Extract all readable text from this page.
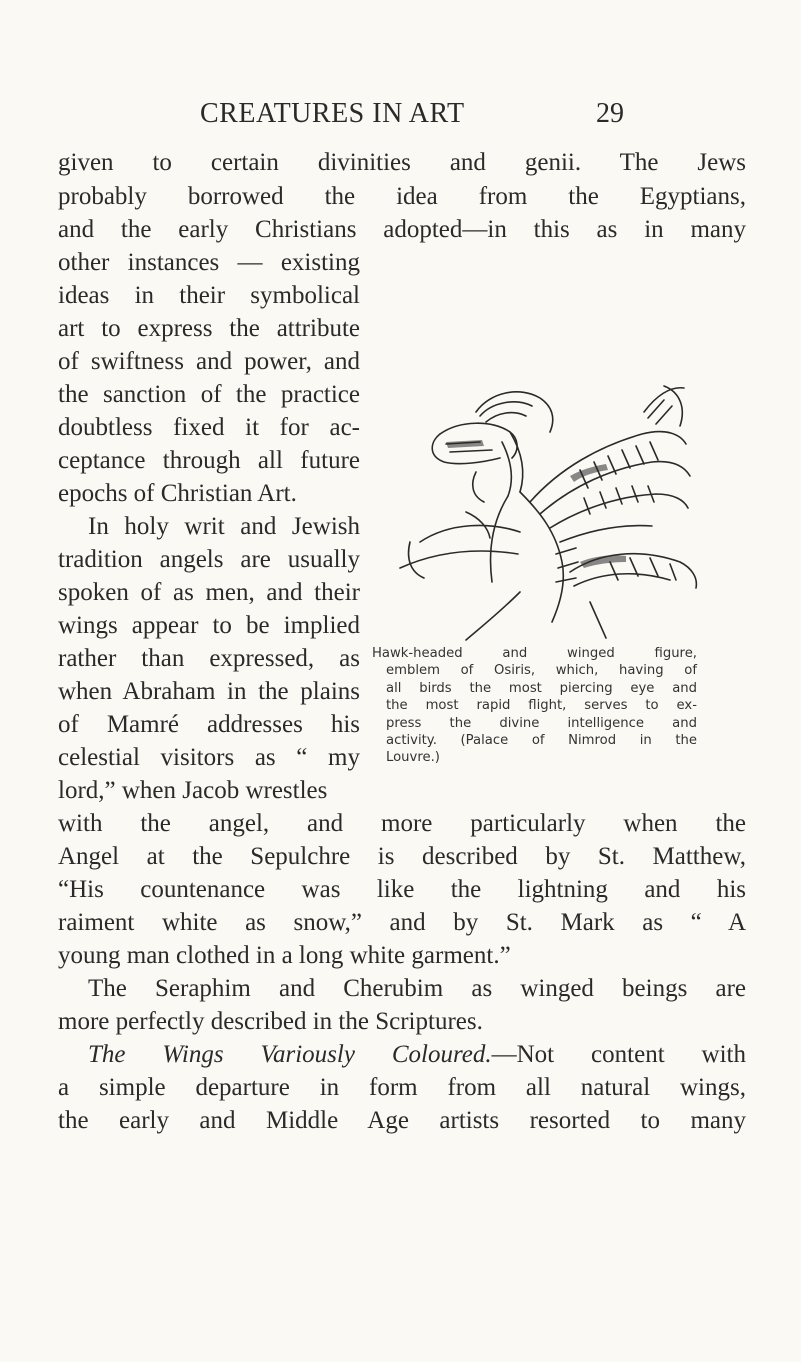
CREATURES IN ART	29
given to certain divinities and genii. The Jews
probably borrowed the idea from the Egyptians,
and the early Christians adopted—in this as in many
other instances — existing
ideas in their symbolical
art to express the attribute
of swiftness and power, and
the sanction of the practice
doubtless fixed it for ac-
ceptance through all future
epochs of Christian Art.
In holy writ and Jewish
tradition angels are usually
spoken of as men, and their
wings appear to be implied
rather than expressed, as
when Abraham in the plains
of Mamré addresses his
celestial visitors as “ my
lord,” when Jacob wrestles
Hawk-headed and winged figure,
emblem of Osiris, which, having of
all birds the most piercing eye and
the most rapid flight, serves to ex-
press the divine intelligence and
activity. (Palace of Nimrod in the
Louvre.)
with the angel, and more particularly when the
Angel at the Sepulchre is described by St. Matthew,
“His countenance was like the lightning and his
raiment white as snow,” and by St. Mark as “ A
young man clothed in a long white garment.”
The Seraphim and Cherubim as winged beings are
more perfectly described in the Scriptures.
The Wings Variously Coloured.—Not content with
a simple departure in form from all natural wings,
the early and Middle Age artists resorted to many
